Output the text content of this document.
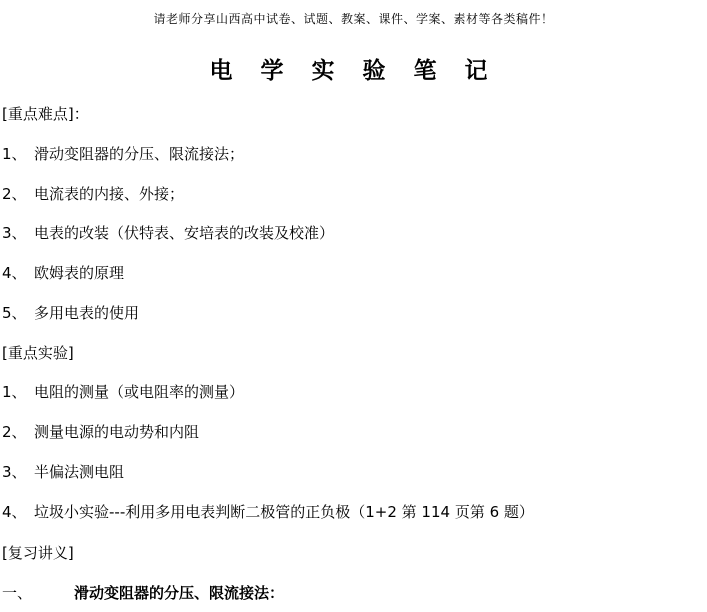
请老师分享山西高中试卷、试题、教案、课件、学案、素材等各类稿件！
电 学 实 验 笔 记
[重点难点]：
1、 滑动变阻器的分压、限流接法；
2、 电流表的内接、外接；
3、 电表的改装（伏特表、安培表的改装及校准）
4、 欧姆表的原理
5、 多用电表的使用
[重点实验]
1、 电阻的测量（或电阻率的测量）
2、 测量电源的电动势和内阻
3、 半偏法测电阻
4、 垃圾小实验---利用多用电表判断二极管的正负极（1+2 第 114 页第 6 题）
[复习讲义]
一、	滑动变阻器的分压、限流接法：
